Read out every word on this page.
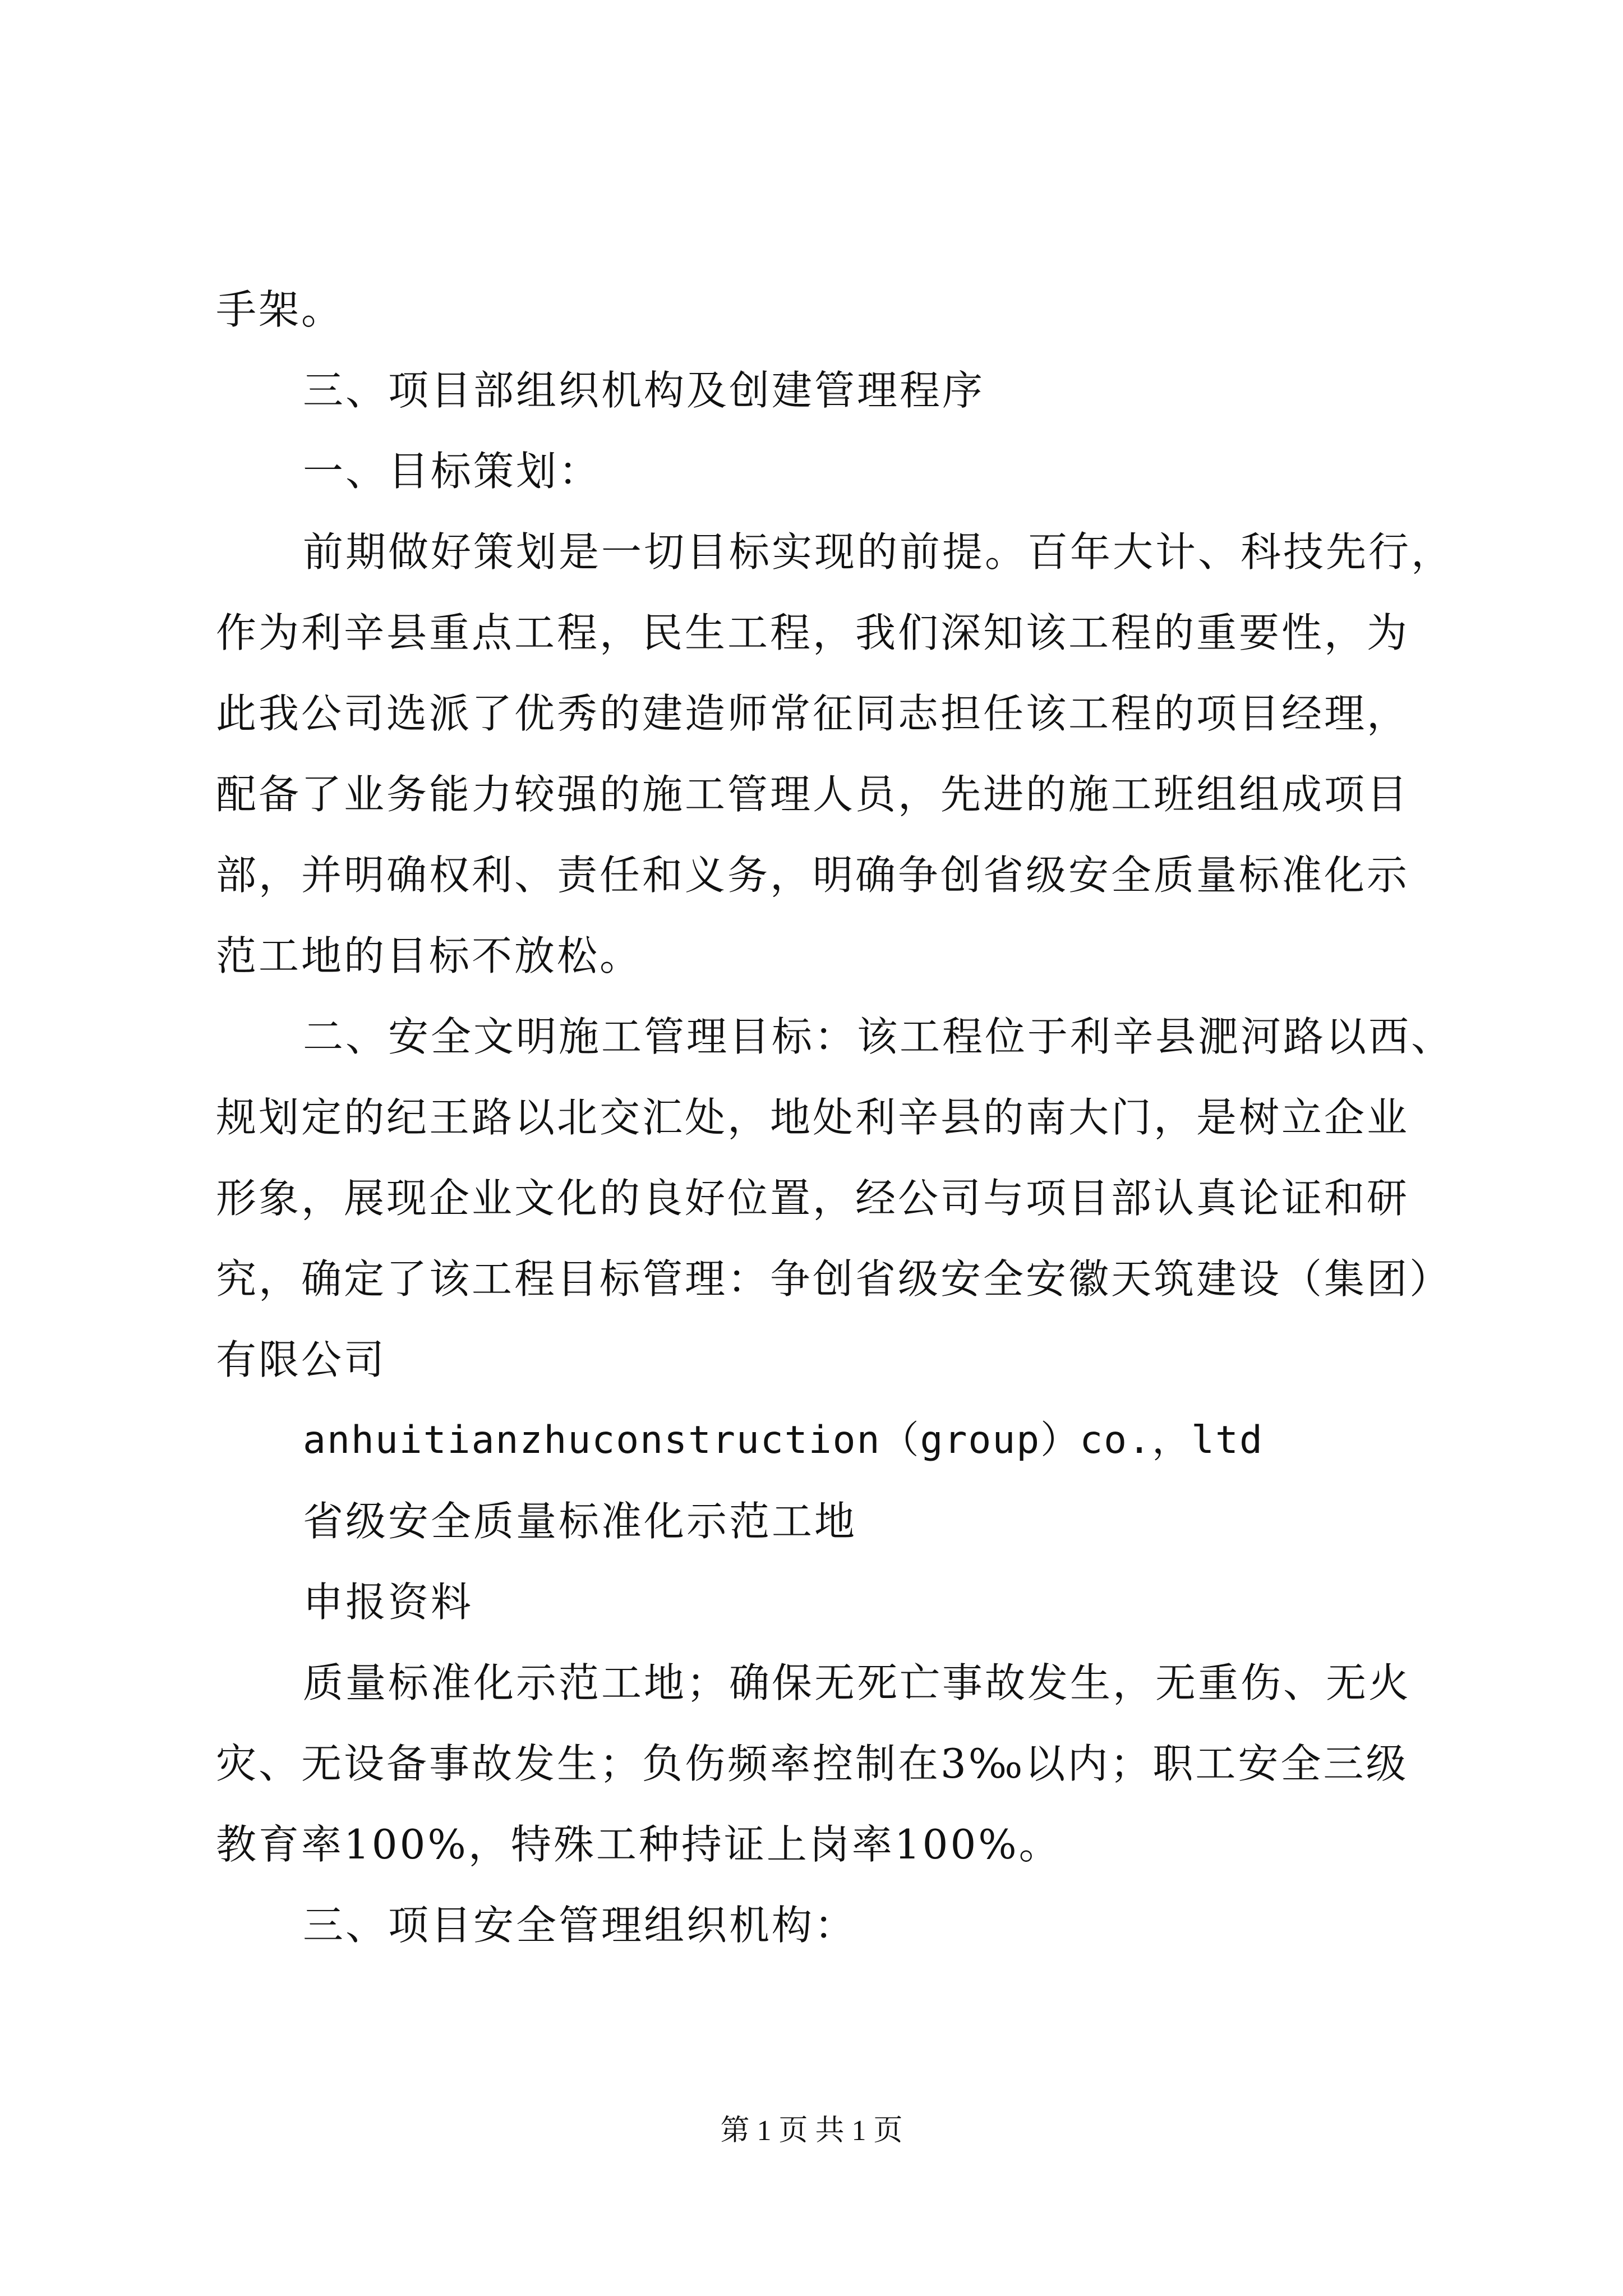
手架。
三、项目部组织机构及创建管理程序
一、目标策划：
前期做好策划是一切目标实现的前提。百年大计、科技先行，
作为利辛县重点工程，民生工程，我们深知该工程的重要性，为
此我公司选派了优秀的建造师常征同志担任该工程的项目经理，
配备了业务能力较强的施工管理人员，先进的施工班组组成项目
部，并明确权利、责任和义务，明确争创省级安全质量标准化示
范工地的目标不放松。
二、安全文明施工管理目标：该工程位于利辛县淝河路以西、
规划定的纪王路以北交汇处，地处利辛县的南大门，是树立企业
形象，展现企业文化的良好位置，经公司与项目部认真论证和研
究，确定了该工程目标管理：争创省级安全安徽天筑建设（集团）
有限公司
anhuitianzhuconstruction（group）co.，ltd
省级安全质量标准化示范工地
申报资料
质量标准化示范工地；确保无死亡事故发生，无重伤、无火
灾、无设备事故发生；负伤频率控制在3‰以内；职工安全三级
教育率100%，特殊工种持证上岗率100%。
三、项目安全管理组织机构：
第 1 页 共 1 页
